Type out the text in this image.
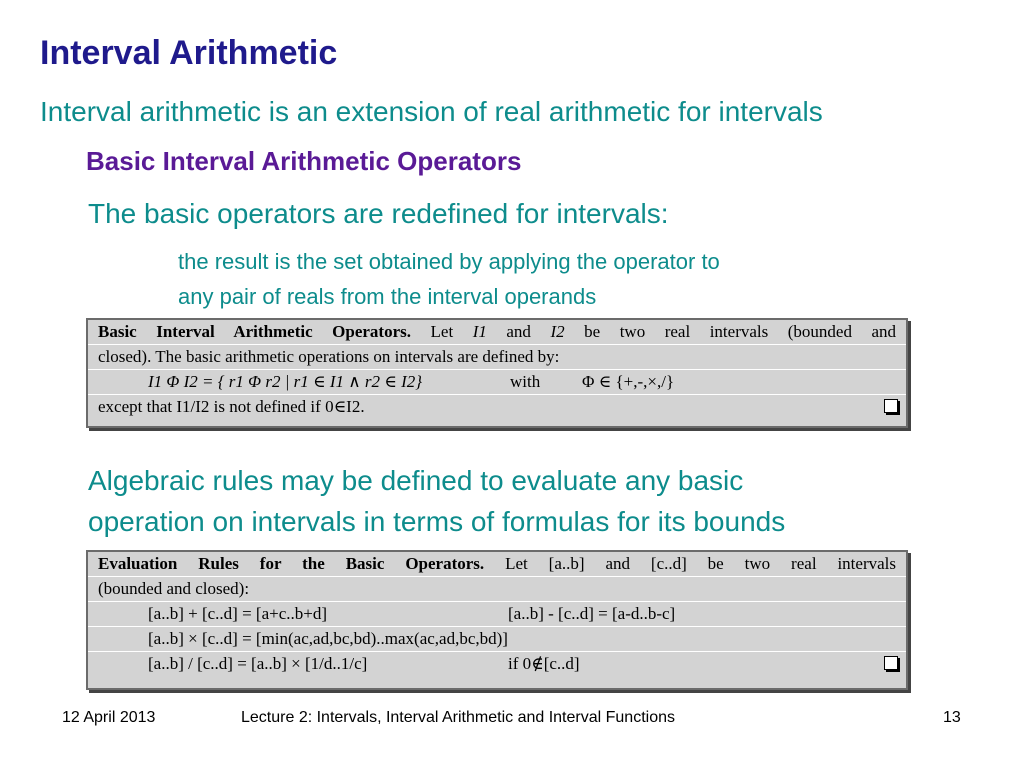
Interval Arithmetic
Interval arithmetic is an extension of real arithmetic for intervals
Basic Interval Arithmetic Operators
The basic operators are redefined for intervals:
the result is the set obtained by applying the operator to
any pair of reals from the interval operands
Basic Interval Arithmetic Operators. Let I1 and I2 be two real intervals (bounded and
closed). The basic arithmetic operations on intervals are defined by:
I1 Φ I2 = { r1 Φ r2 | r1 ∈ I1 ∧ r2 ∈ I2}	with Φ ∈ {+,-,×,/}
except that I1/I2 is not defined if 0∈I2.
Algebraic rules may be defined to evaluate any basic
operation on intervals in terms of formulas for its bounds
Evaluation Rules for the Basic Operators. Let [a..b] and [c..d] be two real intervals
(bounded and closed):
[a..b] + [c..d] = [a+c..b+d]	[a..b] - [c..d] = [a-d..b-c]
[a..b] × [c..d] = [min(ac,ad,bc,bd)..max(ac,ad,bc,bd)]
[a..b] / [c..d] = [a..b] × [1/d..1/c]	if 0∉[c..d]
12 April 2013	Lecture 2: Intervals, Interval Arithmetic and Interval Functions	13
